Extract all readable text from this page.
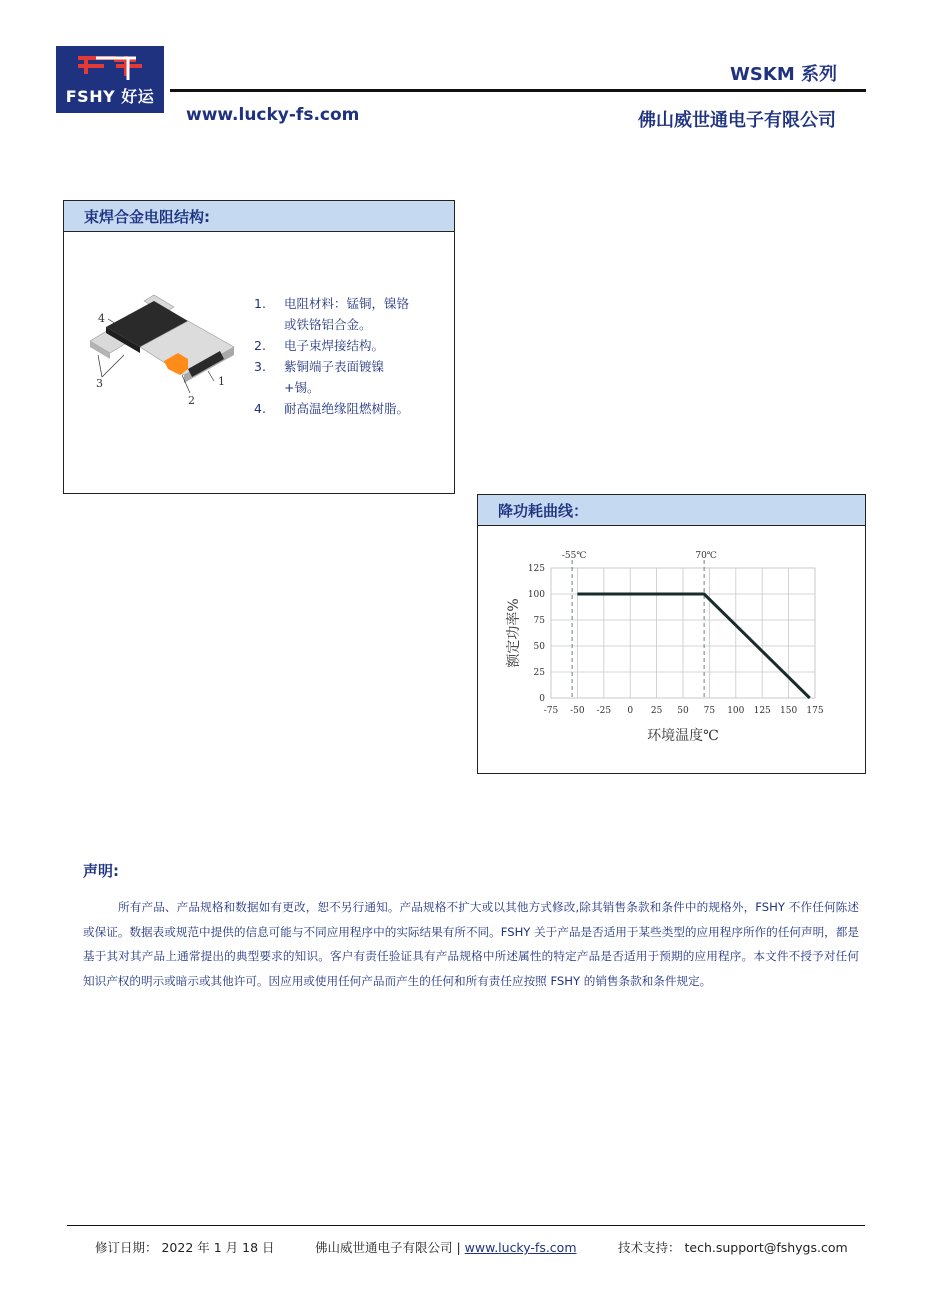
FSHY 好运
WSKM 系列
www.lucky-fs.com	佛山威世通电子有限公司
束焊合金电阻结构:
4
3
2
1
1. 电阻材料：锰铜，镍铬或铁铬铝合金。
2. 电子束焊接结构。
3. 紫铜端子表面镀镍+锡。
4. 耐高温绝缘阻燃树脂。
降功耗曲线：
-75 -50 -25 0 25 50 75 100 125 150 175
0
25
50
75
100
125
-55℃	70℃
环境温度℃
额定功率%
声明:
所有产品、产品规格和数据如有更改，恕不另行通知。产品规格不扩大或以其他方式修改,除其销售条款和条件中的规格外，FSHY 不作任何陈述或保证。数据表或规范中提供的信息可能与不同应用程序中的实际结果有所不同。FSHY 关于产品是否适用于某些类型的应用程序所作的任何声明，都是基于其对其产品上通常提出的典型要求的知识。客户有责任验证具有产品规格中所述属性的特定产品是否适用于预期的应用程序。本文件不授予对任何知识产权的明示或暗示或其他许可。因应用或使用任何产品而产生的任何和所有责任应按照 FSHY 的销售条款和条件规定。
修订日期： 2022 年 1 月 18 日	佛山威世通电子有限公司 | www.lucky-fs.com	技术支持： tech.support@fshygs.com
